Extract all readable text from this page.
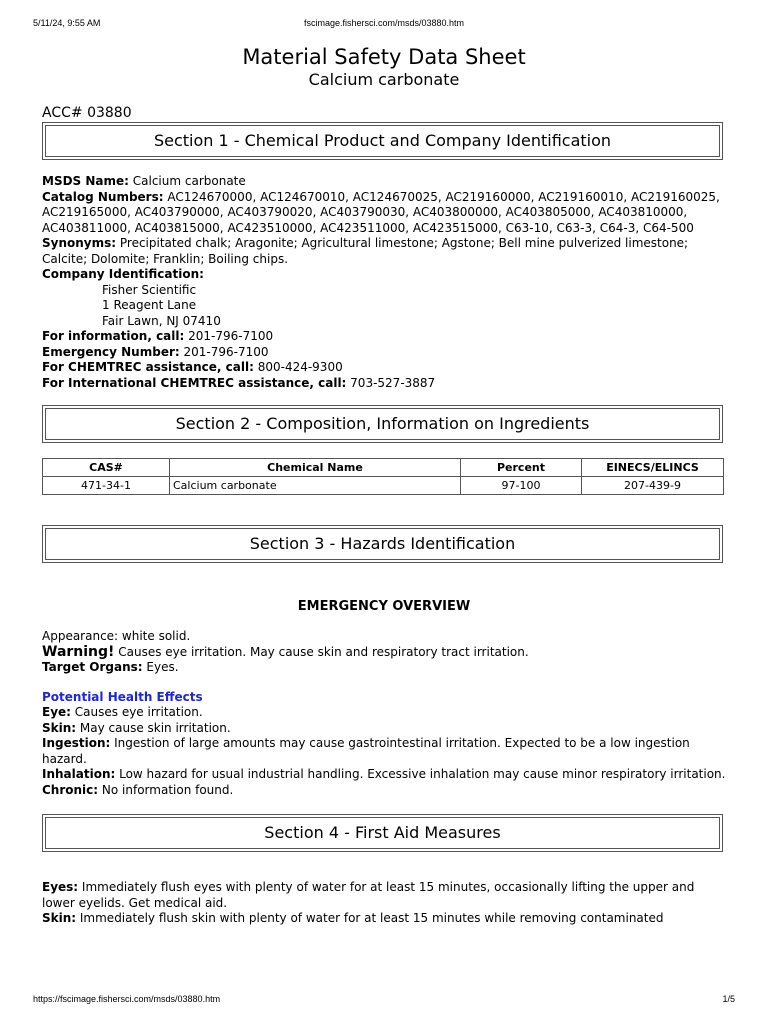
5/11/24, 9:55 AM	fscimage.fishersci.com/msds/03880.htm
Material Safety Data Sheet
Calcium carbonate
ACC# 03880
Section 1 - Chemical Product and Company Identification
MSDS Name: Calcium carbonate
Catalog Numbers: AC124670000, AC124670010, AC124670025, AC219160000, AC219160010, AC219160025, AC219165000, AC403790000, AC403790020, AC403790030, AC403800000, AC403805000, AC403810000, AC403811000, AC403815000, AC423510000, AC423511000, AC423515000, C63-10, C63-3, C64-3, C64-500
Synonyms: Precipitated chalk; Aragonite; Agricultural limestone; Agstone; Bell mine pulverized limestone; Calcite; Dolomite; Franklin; Boiling chips.
Company Identification:
Fisher Scientific
1 Reagent Lane
Fair Lawn, NJ 07410
For information, call: 201-796-7100
Emergency Number: 201-796-7100
For CHEMTREC assistance, call: 800-424-9300
For International CHEMTREC assistance, call: 703-527-3887
Section 2 - Composition, Information on Ingredients
CAS#	Chemical Name	Percent	EINECS/ELINCS
471-34-1	Calcium carbonate	97-100	207-439-9
Section 3 - Hazards Identification
EMERGENCY OVERVIEW
Appearance: white solid.
Warning! Causes eye irritation. May cause skin and respiratory tract irritation.
Target Organs: Eyes.
Potential Health Effects
Eye: Causes eye irritation.
Skin: May cause skin irritation.
Ingestion: Ingestion of large amounts may cause gastrointestinal irritation. Expected to be a low ingestion hazard.
Inhalation: Low hazard for usual industrial handling. Excessive inhalation may cause minor respiratory irritation.
Chronic: No information found.
Section 4 - First Aid Measures
Eyes: Immediately flush eyes with plenty of water for at least 15 minutes, occasionally lifting the upper and lower eyelids. Get medical aid.
Skin: Immediately flush skin with plenty of water for at least 15 minutes while removing contaminated
https://fscimage.fishersci.com/msds/03880.htm	1/5
